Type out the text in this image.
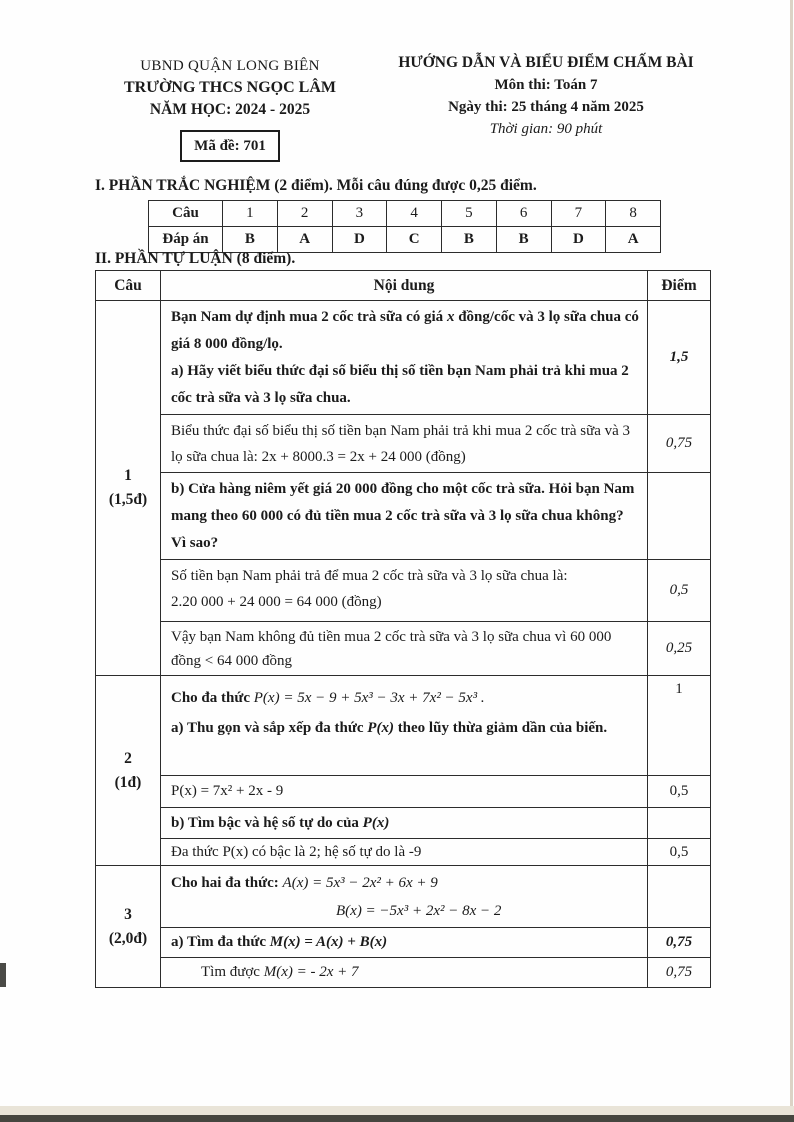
UBND QUẬN LONG BIÊN
TRƯỜNG THCS NGỌC LÂM
NĂM HỌC: 2024 - 2025
Mã đề: 701
HƯỚNG DẪN VÀ BIỂU ĐIỂM CHẤM BÀI
Môn thi: Toán 7
Ngày thi: 25 tháng 4 năm 2025
Thời gian: 90 phút
I. PHẦN TRẮC NGHIỆM (2 điểm). Mỗi câu đúng được 0,25 điểm.
Câu	1	2	3	4	5	6	7	8
Đáp án	B	A	D	C	B	B	D	A
II. PHẦN TỰ LUẬN (8 điểm).
Câu	Nội dung	Điểm

1
(1,5đ)

Bạn Nam dự định mua 2 cốc trà sữa có giá x đồng/cốc và 3 lọ sữa chua có giá 8 000 đồng/lọ.
a) Hãy viết biểu thức đại số biểu thị số tiền bạn Nam phải trả khi mua 2 cốc trà sữa và 3 lọ sữa chua.
	1,5
	Biểu thức đại số biểu thị số tiền bạn Nam phải trả khi mua 2 cốc trà sữa và 3 lọ sữa chua là: 2x + 8000.3 = 2x + 24 000 (đồng)	0,75
	b) Cửa hàng niêm yết giá 20 000 đồng cho một cốc trà sữa. Hỏi bạn Nam mang theo 60 000 có đủ tiền mua 2 cốc trà sữa và 3 lọ sữa chua không? Vì sao?	

	Số tiền bạn Nam phải trả để mua 2 cốc trà sữa và 3 lọ sữa chua là:
2.20 000 + 24 000 = 64 000 (đồng)	0,5
	Vậy bạn Nam không đủ tiền mua 2 cốc trà sữa và 3 lọ sữa chua vì 60 000 đồng < 64 000 đồng	0,25

2
(1đ)

Cho đa thức P(x) = 5x − 9 + 5x³ − 3x + 7x² − 5x³ .
a) Thu gọn và sắp xếp đa thức P(x) theo lũy thừa giảm dần của biến.
	1
	P(x) = 7x² + 2x - 9	0,5
	b) Tìm bậc và hệ số tự do của P(x)	
	Đa thức P(x) có bậc là 2; hệ số tự do là -9	0,5

3
(2,0đ)

Cho hai đa thức: A(x) = 5x³ − 2x² + 6x + 9
B(x) = −5x³ + 2x² − 8x − 2

	a) Tìm đa thức M(x) = A(x) + B(x)	0,75
	Tìm được M(x) = - 2x + 7	0,75
